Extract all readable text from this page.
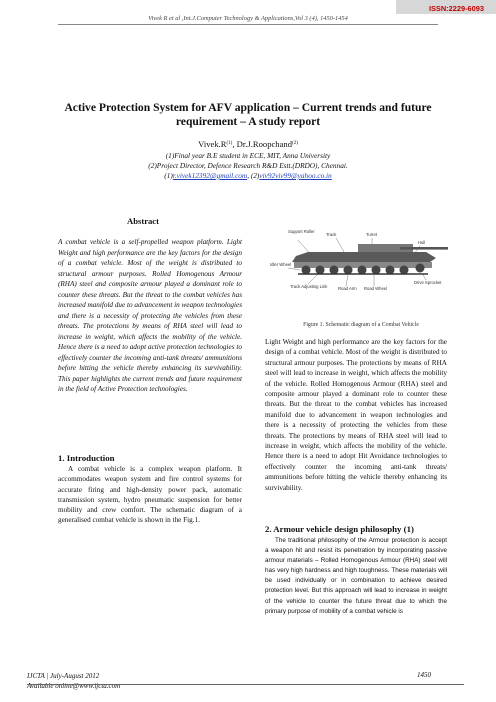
ISSN:2229-6093
Vivek R et al ,Int.J.Computer Technology & Applications,Vol 3 (4), 1450-1454
Active Protection System for AFV application – Current trends and future requirement – A study report
$Vivek.R^{(1)}$, Dr.J.Roopchand$^{(2)}$
(1)Final year B.E student in ECE, MIT, Anna University
(2)Project Director, Defence Research R&D Estt.(DRDO), Chennai.
(1)r.vivek12392@gmail.com, (2)viv92viv99@yahoo.co.in
Abstract
A combat vehicle is a self-propelled weapon platform. Light Weight and high performance are the key factors for the design of a combat vehicle. Most of the weight is distributed to structural armour purposes. Rolled Homogenous Armour (RHA) steel and composite armour played a dominant role to counter these threats. But the threat to the combat vehicles has increased manifold due to advancement in weapon technologies and there is a necessity of protecting the vehicles from these threats. The protections by means of RHA steel will lead to increase in weight, which affects the mobility of the vehicle. Hence there is a need to adopt active protection technologies to effectively counter the incoming anti-tank threats/ ammunitions before hitting the vehicle thereby enhancing its survivability. This paper highlights the current trends and future requirement in the field of Active Protection technologies.
1. Introduction
A combat vehicle is a complex weapon platform. It accommodates weapon system and fire control systems for accurate firing and high-density power pack, automatic transmission system, hydro pneumatic suspension for better mobility and crew comfort. The schematic diagram of a generalised combat vehicle is shown in the Fig.1.
Support Roller
Track	Turret
Hull
Idler Wheel
Track Adjusting Link	Road Arm Road Wheel
Drive Sprocket
Figure 1. Schematic diagram of a Combat Vehicle
Light Weight and high performance are the key factors for the design of a combat vehicle. Most of the weight is distributed to structural armour purposes. The protections by means of RHA steel will lead to increase in weight, which affects the mobility of the vehicle. Rolled Homogenous Armour (RHA) steel and composite armour played a dominant role to counter these threats. But the threat to the combat vehicles has increased manifold due to advancement in weapon technologies and there is a necessity of protecting the vehicles from these threats. The protections by means of RHA steel will lead to increase in weight, which affects the mobility of the vehicle. Hence there is a need to adopt Hit Avoidance technologies to effectively counter the incoming anti-tank threats/ ammunitions before hitting the vehicle thereby enhancing its survivability.
2. Armour vehicle design philosophy (1)
The traditional philosophy of the Armour protection is accept a weapon hit and resist its penetration by incorporating passive armour materials – Rolled Homogenous Armour (RHA) steel will has very high hardness and high toughness. These materials will be used individually or in combination to achieve desired protection level. But this approach will lead to increase in weight of the vehicle to counter the future threat due to which the primary purpose of mobility of a combat vehicle is
IJCTA | July-August 2012
Available online@www.ijcta.com
1450
